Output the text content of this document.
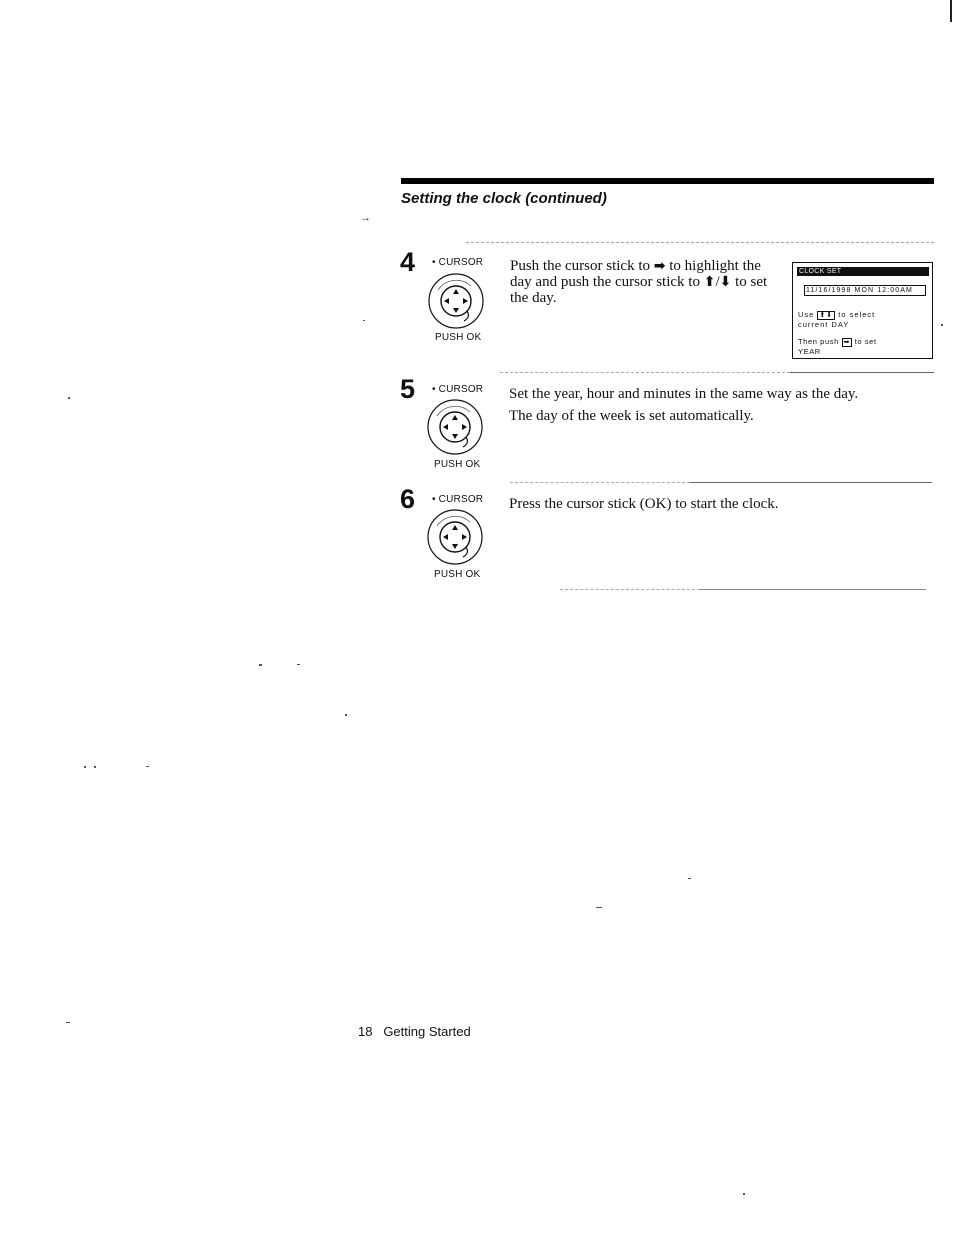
Setting the clock (continued)
→
4 • CURSOR
PUSH OK
Push the cursor stick to ➡ to highlight the day and push the cursor stick to ⬆/⬇ to set the day.
CLOCK SET
11/16/1998 MON 12:00AM
Use ⬆⬇ to select
current DAY
Then push ➡ to set
YEAR
5 • CURSOR
PUSH OK

Set the year, hour and minutes in the same way as the day.

The day of the week is set automatically.

6 • CURSOR
PUSH OK

Press the cursor stick (OK) to start the clock.

18 Getting Started
